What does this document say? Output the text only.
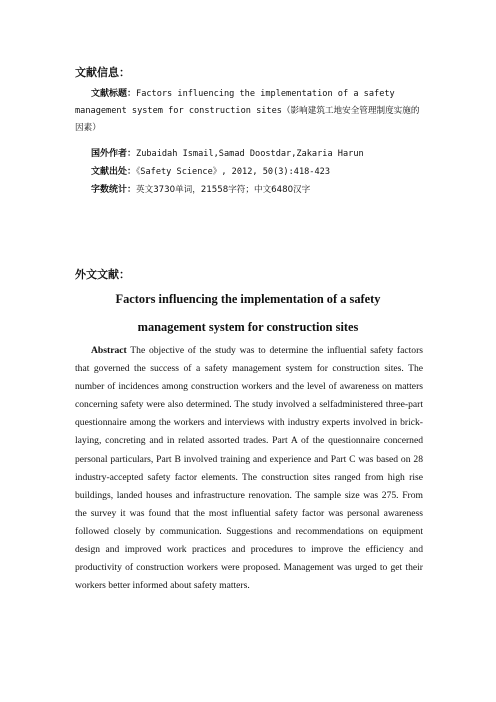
文献信息：
文献标题：Factors influencing the implementation of a safety management system for construction sites（影响建筑工地安全管理制度实施的因素）
国外作者：Zubaidah Ismail,Samad Doostdar,Zakaria Harun
文献出处：《Safety Science》, 2012, 50(3):418-423
字数统计：英文3730单词，21558字符；中文6480汉字
外文文献：
Factors influencing the implementation of a safety
management system for construction sites

Abstract The objective of the study was to determine the influential safety factors that governed the success of a safety management system for construction sites. The number of incidences among construction workers and the level of awareness on matters concerning safety were also determined. The study involved a selfadministered three-part questionnaire among the workers and interviews with industry experts involved in brick-laying, concreting and in related assorted trades. Part A of the questionnaire concerned personal particulars, Part B involved training and experience and Part C was based on 28 industry-accepted safety factor elements. The construction sites ranged from high rise buildings, landed houses and infrastructure renovation. The sample size was 275. From the survey it was found that the most influential safety factor was personal awareness followed closely by communication. Suggestions and recommendations on equipment design and improved work practices and procedures to improve the efficiency and productivity of construction workers were proposed. Management was urged to get their workers better informed about safety matters.
